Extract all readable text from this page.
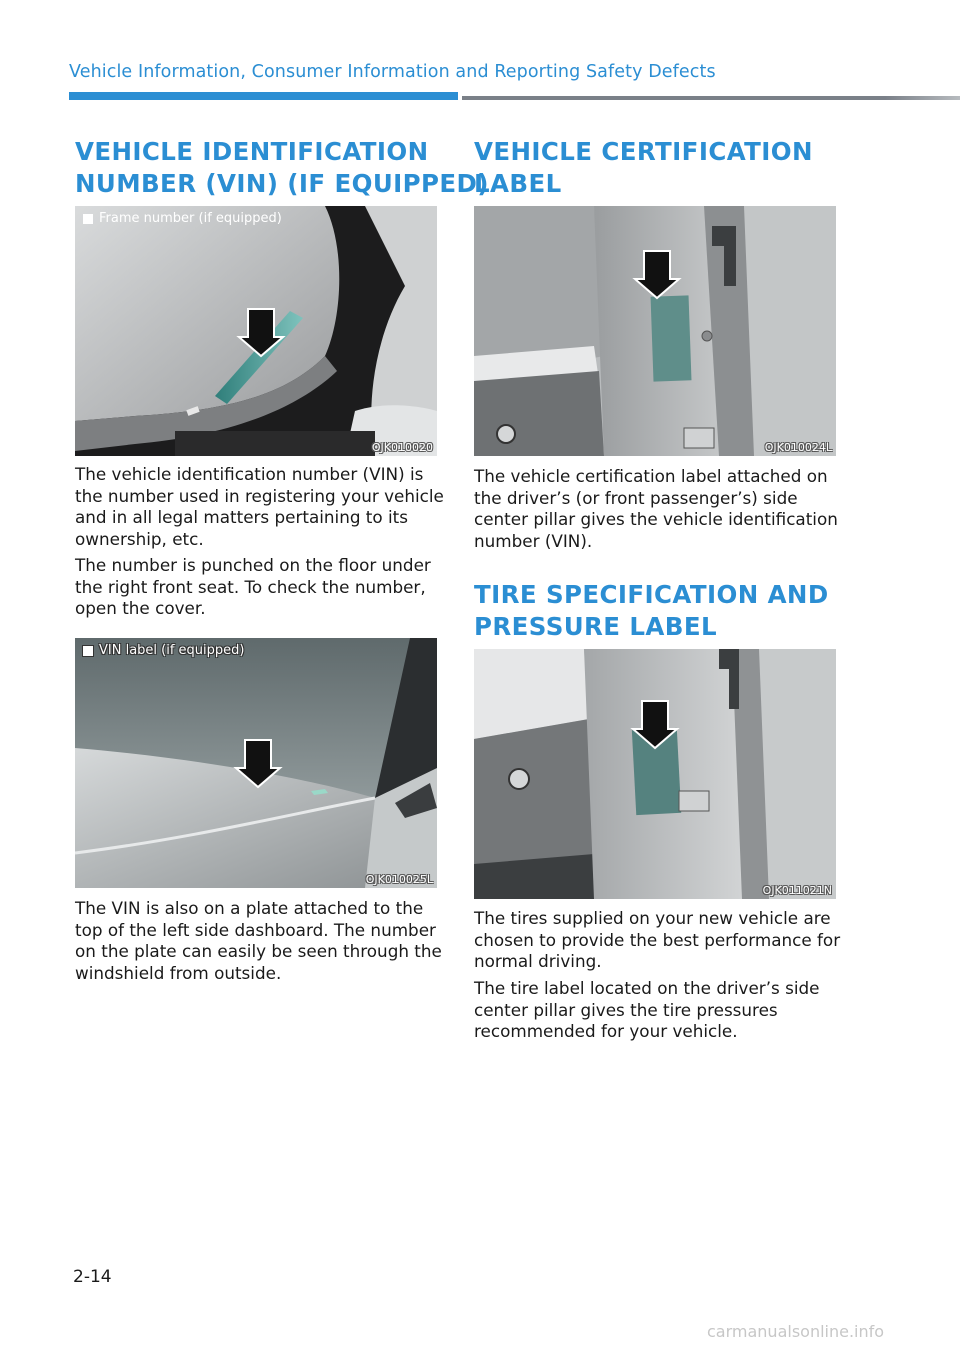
Vehicle Information, Consumer Information and Reporting Safety Defects
VEHICLE IDENTIFICATION
NUMBER (VIN) (IF EQUIPPED)
Frame number (if equipped)
OJK010020

The vehicle identification number (VIN) is the number used in registering your vehicle and in all legal matters pertaining to its ownership, etc.

The number is punched on the floor under the right front seat. To check the number, open the cover.

VIN label (if equipped)
OJK010025L

The VIN is also on a plate attached to the top of the left side dashboard. The number on the plate can easily be seen through the windshield from outside.

VEHICLE CERTIFICATION
LABEL
OJK010024L

The vehicle certification label attached on the driver’s (or front passenger’s) side center pillar gives the vehicle identification number (VIN).

TIRE SPECIFICATION AND
PRESSURE LABEL
OJK011021N

The tires supplied on your new vehicle are chosen to provide the best performance for normal driving.

The tire label located on the driver’s side center pillar gives the tire pressures recommended for your vehicle.

2-14
carmanualsonline.info
